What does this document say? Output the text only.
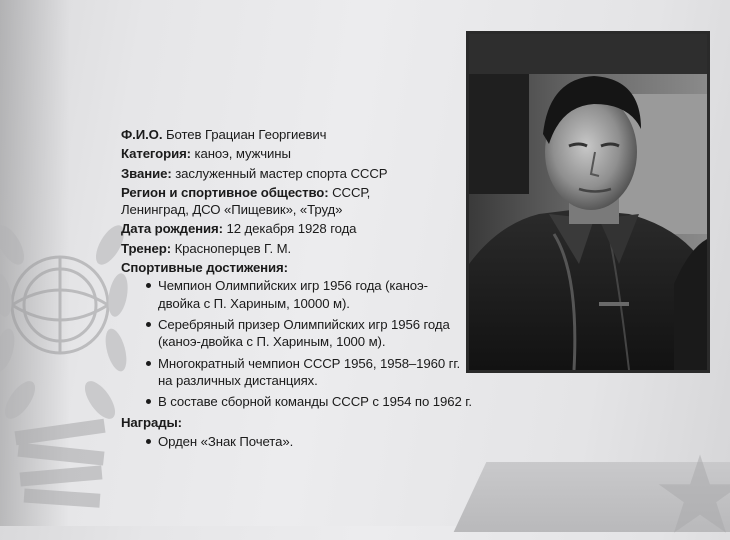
Ф.И.О. Ботев Грациан Георгиевич
Категория: каноэ, мужчины
Звание: заслуженный мастер спорта СССР
Регион и спортивное общество: СССР, Ленинград, ДСО «Пищевик», «Труд»
Дата рождения: 12 декабря 1928 года
Тренер: Красноперцев Г. М.
Спортивные достижения:
Чемпион Олимпийских игр 1956 года (каноэ-двойка с П. Хариным, 10000 м).
Серебряный призер Олимпийских игр 1956 года (каноэ-двойка с П. Хариным, 1000 м).
Многократный чемпион СССР 1956, 1958–1960 гг. на различных дистанциях.
В составе сборной команды СССР с 1954 по 1962 г.
Награды:
Орден «Знак Почета».
